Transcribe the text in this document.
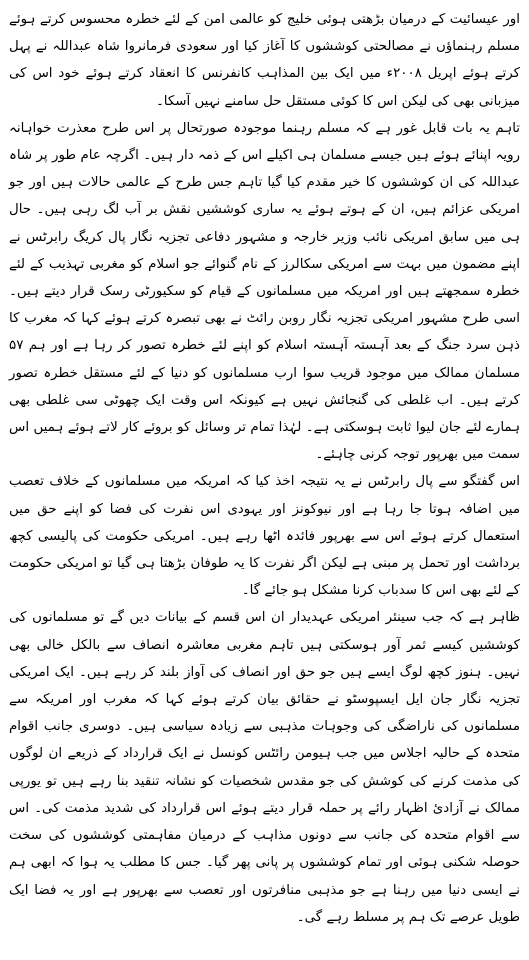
اور عیسائیت کے درمیان بڑھتی ہوئی خلیج کو عالمی امن کے لئے خطرہ محسوس کرتے ہوئے مسلم رہنماؤں نے مصالحتی کوششوں کا آغاز کیا اور سعودی فرمانروا شاہ عبداللہ نے پہل کرتے ہوئے اپریل ۲۰۰۸ء میں ایک بین المذاہب کانفرنس کا انعقاد کرتے ہوئے خود اس کی میزبانی بھی کی لیکن اس کا کوئی مستقل حل سامنے نہیں آسکا۔

تاہم یہ بات قابل غور ہے کہ مسلم رہنما موجودہ صورتحال پر اس طرح معذرت خواہانہ رویہ اپنائے ہوئے ہیں جیسے مسلمان ہی اکیلے اس کے ذمہ دار ہیں۔ اگرچہ عام طور پر شاہ عبداللہ کی ان کوششوں کا خیر مقدم کیا گیا تاہم جس طرح کے عالمی حالات ہیں اور جو امریکی عزائم ہیں، ان کے ہوتے ہوئے یہ ساری کوششیں نقش بر آب لگ رہی ہیں۔ حال ہی میں سابق امریکی نائب وزیر خارجہ و مشہور دفاعی تجزیہ نگار پال کریگ رابرٹس نے اپنے مضمون میں بہت سے امریکی سکالرز کے نام گنوائے جو اسلام کو مغربی تہذیب کے لئے خطرہ سمجھتے ہیں اور امریکہ میں مسلمانوں کے قیام کو سکیورٹی رسک قرار دیتے ہیں۔ اسی طرح مشہور امریکی تجزیہ نگار روبن رائٹ نے بھی تبصرہ کرتے ہوئے کہا کہ مغرب کا ذہن سرد جنگ کے بعد آہستہ آہستہ اسلام کو اپنے لئے خطرہ تصور کر رہا ہے اور ہم ۵۷ مسلمان ممالک میں موجود قریب سوا ارب مسلمانوں کو دنیا کے لئے مستقل خطرہ تصور کرتے ہیں۔ اب غلطی کی گنجائش نہیں ہے کیونکہ اس وقت ایک چھوٹی سی غلطی بھی ہمارے لئے جان لیوا ثابت ہوسکتی ہے۔ لہٰذا تمام تر وسائل کو بروئے کار لاتے ہوئے ہمیں اس سمت میں بھرپور توجہ کرنی چاہئے۔

اس گفتگو سے پال رابرٹس نے یہ نتیجہ اخذ کیا کہ امریکہ میں مسلمانوں کے خلاف تعصب میں اضافہ ہوتا جا رہا ہے اور نیوکونز اور یہودی اس نفرت کی فضا کو اپنے حق میں استعمال کرتے ہوئے اس سے بھرپور فائدہ اٹھا رہے ہیں۔ امریکی حکومت کی پالیسی کچھ برداشت اور تحمل پر مبنی ہے لیکن اگر نفرت کا یہ طوفان بڑھتا ہی گیا تو امریکی حکومت کے لئے بھی اس کا سدباب کرنا مشکل ہو جائے گا۔

ظاہر ہے کہ جب سینئر امریکی عہدیدار ان اس قسم کے بیانات دیں گے تو مسلمانوں کی کوششیں کیسے ثمر آور ہوسکتی ہیں تاہم مغربی معاشرہ انصاف سے بالکل خالی بھی نہیں۔ ہنوز کچھ لوگ ایسے ہیں جو حق اور انصاف کی آواز بلند کر رہے ہیں۔ ایک امریکی تجزیہ نگار جان ایل ایسپوسٹو نے حقائق بیان کرتے ہوئے کہا کہ مغرب اور امریکہ سے مسلمانوں کی ناراضگی کی وجوہات مذہبی سے زیادہ سیاسی ہیں۔ دوسری جانب اقوام متحدہ کے حالیہ اجلاس میں جب ہیومن رائٹس کونسل نے ایک قرارداد کے ذریعے ان لوگوں کی مذمت کرنے کی کوشش کی جو مقدس شخصیات کو نشانہ تنقید بنا رہے ہیں تو یورپی ممالک نے آزادئ اظہار رائے پر حملہ قرار دیتے ہوئے اس قرارداد کی شدید مذمت کی۔ اس سے اقوام متحدہ کی جانب سے دونوں مذاہب کے درمیان مفاہمتی کوششوں کی سخت حوصلہ شکنی ہوئی اور تمام کوششوں پر پانی پھر گیا۔ جس کا مطلب یہ ہوا کہ ابھی ہم نے ایسی دنیا میں رہنا ہے جو مذہبی منافرتوں اور تعصب سے بھرپور ہے اور یہ فضا ایک طویل عرصے تک ہم پر مسلط رہے گی۔
